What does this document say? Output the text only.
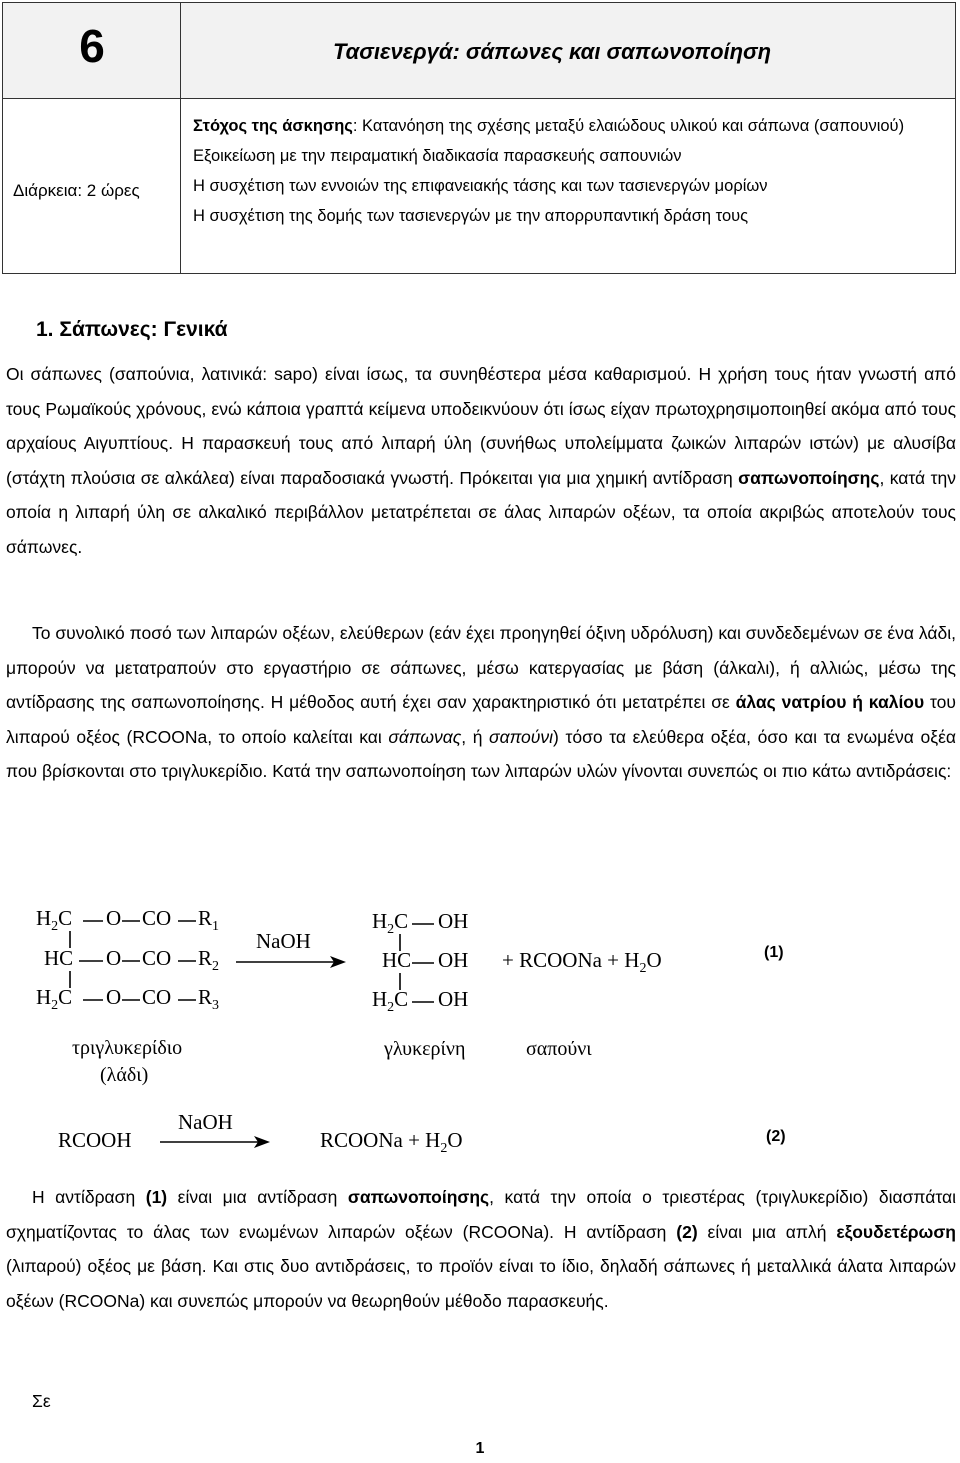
6	Τασιενεργά: σάπωνες και σαπωνοποίηση
Διάρκεια: 2 ώρες

Στόχος της άσκησης: Κατανόηση της σχέσης μεταξύ ελαιώδους υλικού και σάπωνα (σαπουνιού)

Εξοικείωση με την πειραματική διαδικασία παρασκευής σαπουνιών

Η συσχέτιση των εννοιών της επιφανειακής τάσης και των τασιενεργών μορίων

Η συσχέτιση της δομής των τασιενεργών με την απορρυπαντική δράση τους

1. Σάπωνες: Γενικά

Οι σάπωνες (σαπούνια, λατινικά: sapo) είναι ίσως, τα συνηθέστερα μέσα καθαρισμού. Η χρήση τους ήταν γνωστή από τους Ρωμαϊκούς χρόνους, ενώ κάποια γραπτά κείμενα υποδεικνύουν ότι ίσως είχαν πρωτοχρησιμοποιηθεί ακόμα από τους αρχαίους Αιγυπτίους. Η παρασκευή τους από λιπαρή ύλη (συνήθως υπολείμματα ζωικών λιπαρών ιστών) με αλυσίβα (στάχτη πλούσια σε αλκάλεα) είναι παραδοσιακά γνωστή. Πρόκειται για μια χημική αντίδραση σαπωνοποίησης, κατά την οποία η λιπαρή ύλη σε αλκαλικό περιβάλλον μετατρέπεται σε άλας λιπαρών οξέων, τα οποία ακριβώς αποτελούν τους σάπωνες.

Το συνολικό ποσό των λιπαρών οξέων, ελεύθερων (εάν έχει προηγηθεί όξινη υδρόλυση) και συνδεδεμένων σε ένα λάδι, μπορούν να μετατραπούν στο εργαστήριο σε σάπωνες, μέσω κατεργασίας με βάση (άλκαλι), ή αλλιώς, μέσω της αντίδρασης της σαπωνοποίησης. Η μέθοδος αυτή έχει σαν χαρακτηριστικό ότι μετατρέπει σε άλας νατρίου ή καλίου του λιπαρού οξέος (RCOONa, το οποίο καλείται και σάπωνας, ή σαπούνι) τόσο τα ελεύθερα οξέα, όσο και τα ενωμένα οξέα που βρίσκονται στο τριγλυκερίδιο. Κατά την σαπωνοποίηση των λιπαρών υλών γίνονται συνεπώς οι πιο κάτω αντιδράσεις:

$H_2C$ O CO $R_1$
HC O CO $R_2$
$H_2C$ O CO $R_3$
NaOH
$H_2C$ OH
HC OH
$H_2C$ OH
+ RCOONa + $H_2O$	(1)
τριγλυκερίδιο
(λάδι)
γλυκερίνη	σαπούνι
RCOOH
NaOH
RCOONa + $H_2O$	(2)

Η αντίδραση (1) είναι μια αντίδραση σαπωνοποίησης, κατά την οποία ο τριεστέρας (τριγλυκερίδιο) διασπάται σχηματίζοντας το άλας των ενωμένων λιπαρών οξέων (RCOONa). Η αντίδραση (2) είναι μια απλή εξουδετέρωση (λιπαρού) οξέος με βάση. Και στις δυο αντιδράσεις, το προϊόν είναι το ίδιο, δηλαδή σάπωνες ή μεταλλικά άλατα λιπαρών οξέων (RCOONa) και συνεπώς μπορούν να θεωρηθούν μέθοδο παρασκευής.

Σε
1
